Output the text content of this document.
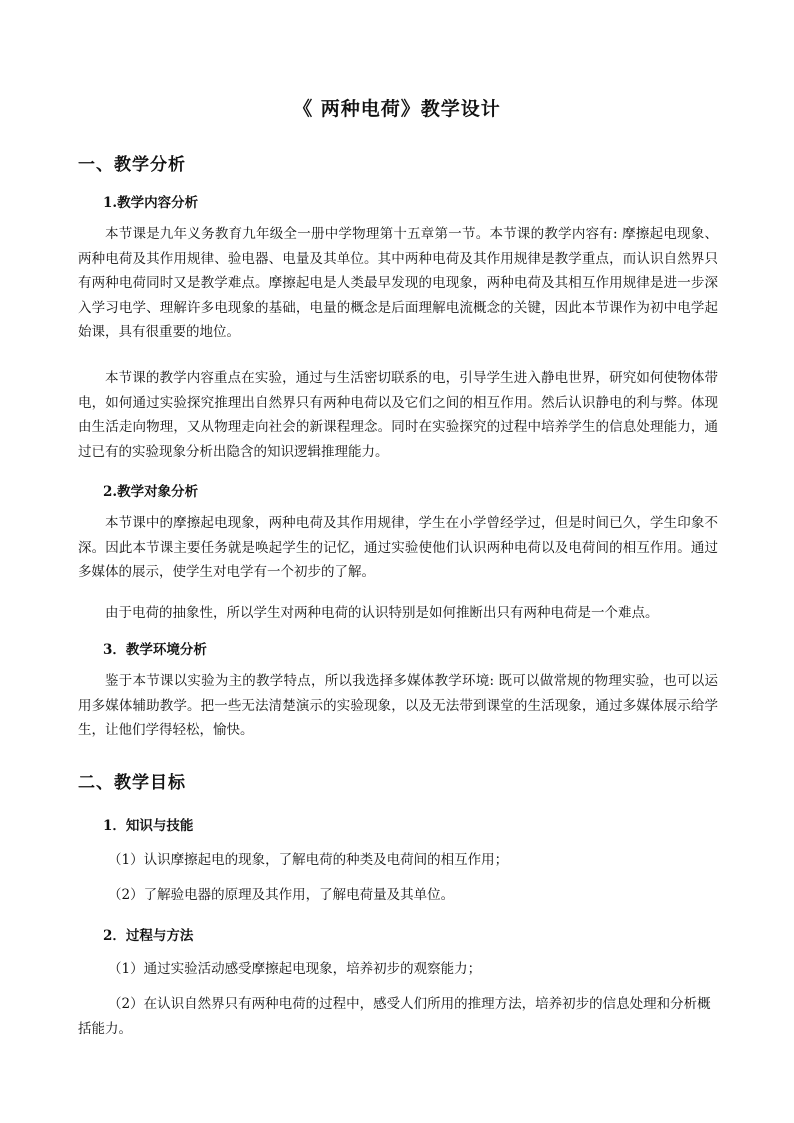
《 两种电荷》教学设计
一、教学分析
1.教学内容分析
本节课是九年义务教育九年级全一册中学物理第十五章第一节。本节课的教学内容有: 摩擦起电现象、两种电荷及其作用规律、验电器、电量及其单位。其中两种电荷及其作用规律是教学重点，而认识自然界只有两种电荷同时又是教学难点。摩擦起电是人类最早发现的电现象，两种电荷及其相互作用规律是进一步深入学习电学、理解许多电现象的基础，电量的概念是后面理解电流概念的关键，因此本节课作为初中电学起始课，具有很重要的地位。
本节课的教学内容重点在实验，通过与生活密切联系的电，引导学生进入静电世界，研究如何使物体带电，如何通过实验探究推理出自然界只有两种电荷以及它们之间的相互作用。然后认识静电的利与弊。体现由生活走向物理，又从物理走向社会的新课程理念。同时在实验探究的过程中培养学生的信息处理能力，通过已有的实验现象分析出隐含的知识逻辑推理能力。
2.教学对象分析
本节课中的摩擦起电现象，两种电荷及其作用规律，学生在小学曾经学过，但是时间已久，学生印象不深。因此本节课主要任务就是唤起学生的记忆，通过实验使他们认识两种电荷以及电荷间的相互作用。通过多媒体的展示，使学生对电学有一个初步的了解。
由于电荷的抽象性，所以学生对两种电荷的认识特别是如何推断出只有两种电荷是一个难点。
3．教学环境分析
鉴于本节课以实验为主的教学特点，所以我选择多媒体教学环境: 既可以做常规的物理实验，也可以运用多媒体辅助教学。把一些无法清楚演示的实验现象，以及无法带到课堂的生活现象，通过多媒体展示给学生，让他们学得轻松，愉快。
二、教学目标
1．知识与技能
（1）认识摩擦起电的现象，了解电荷的种类及电荷间的相互作用；
（2）了解验电器的原理及其作用，了解电荷量及其单位。
2．过程与方法
（1）通过实验活动感受摩擦起电现象，培养初步的观察能力；
（2）在认识自然界只有两种电荷的过程中，感受人们所用的推理方法，培养初步的信息处理和分析概括能力。
